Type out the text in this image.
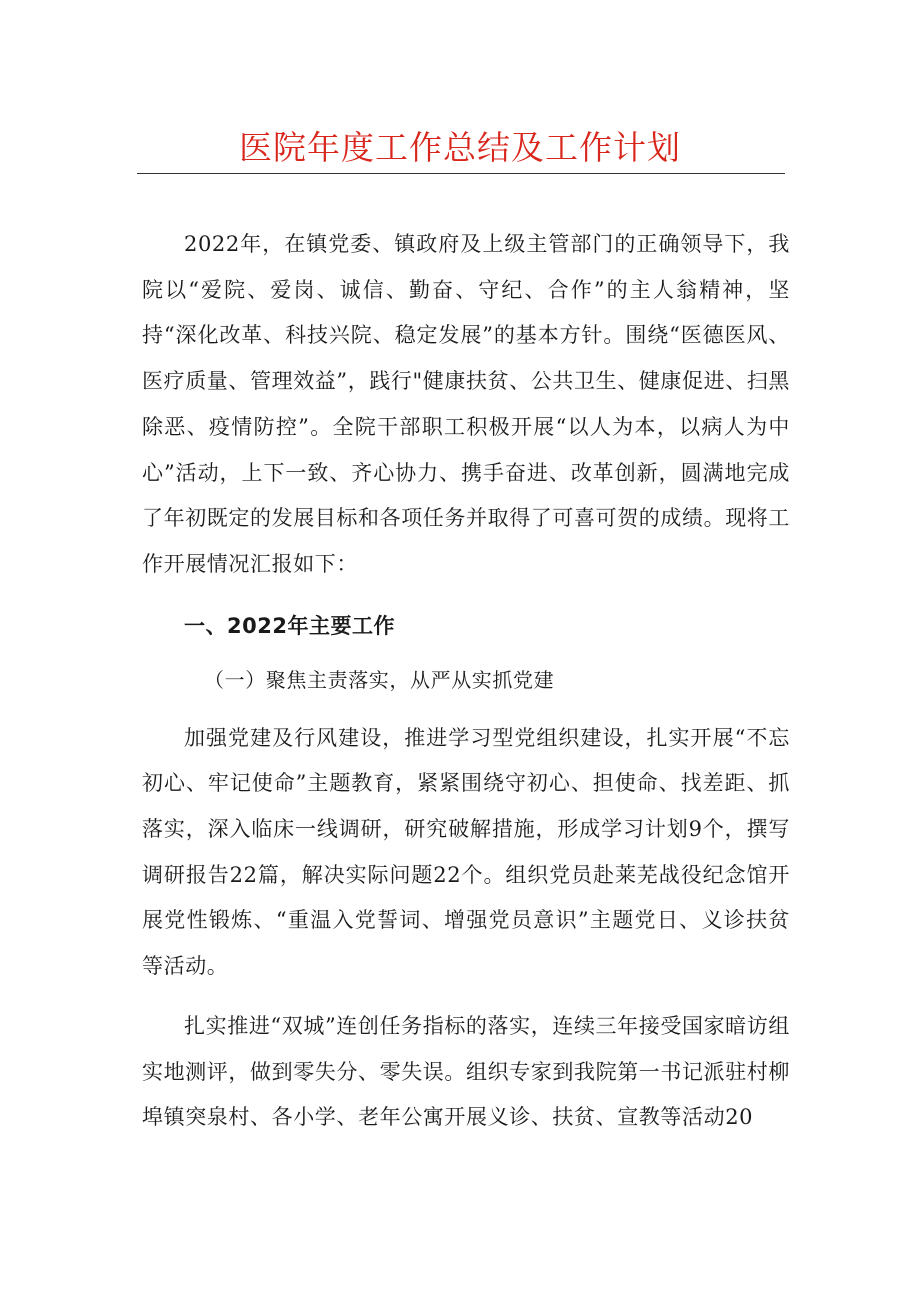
医院年度工作总结及工作计划

2022年，在镇党委、镇政府及上级主管部门的正确领导下，我院以“爱院、爱岗、诚信、勤奋、守纪、合作”的主人翁精神，坚持“深化改革、科技兴院、稳定发展”的基本方针。围绕“医德医风、医疗质量、管理效益”，践行"健康扶贫、公共卫生、健康促进、扫黑除恶、疫情防控”。全院干部职工积极开展“以人为本，以病人为中心”活动，上下一致、齐心协力、携手奋进、改革创新，圆满地完成了年初既定的发展目标和各项任务并取得了可喜可贺的成绩。现将工作开展情况汇报如下：

一、2022年主要工作

（一）聚焦主责落实，从严从实抓党建

加强党建及行风建设，推进学习型党组织建设，扎实开展“不忘初心、牢记使命”主题教育，紧紧围绕守初心、担使命、找差距、抓落实，深入临床一线调研，研究破解措施，形成学习计划9个，撰写调研报告22篇，解决实际问题22个。组织党员赴莱芜战役纪念馆开展党性锻炼、“重温入党誓词、增强党员意识”主题党日、义诊扶贫等活动。

扎实推进“双城”连创任务指标的落实，连续三年接受国家暗访组实地测评，做到零失分、零失误。组织专家到我院第一书记派驻村柳埠镇突泉村、各小学、老年公寓开展义诊、扶贫、宣教等活动20
